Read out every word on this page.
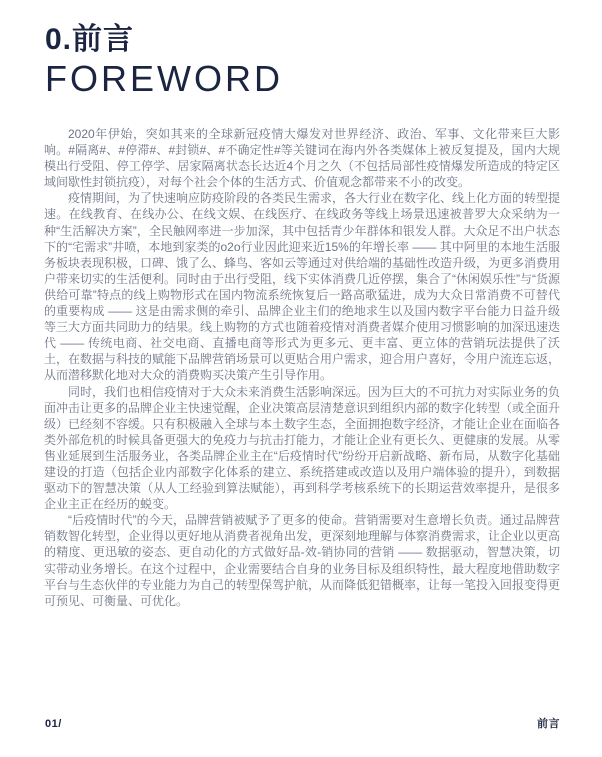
0.前言
FOREWORD

2020年伊始，突如其来的全球新冠疫情大爆发对世界经济、政治、军事、文化带来巨大影响。#隔离#、#停滞#、#封锁#、#不确定性#等关键词在海内外各类媒体上被反复提及，国内大规模出行受阻、停工停学、居家隔离状态长达近4个月之久（不包括局部性疫情爆发所造成的特定区域间歇性封锁抗疫），对每个社会个体的生活方式、价值观念都带来不小的改变。

疫情期间，为了快速响应防疫阶段的各类民生需求，各大行业在数字化、线上化方面的转型提速。在线教育、在线办公、在线文娱、在线医疗、在线政务等线上场景迅速被普罗大众采纳为一种“生活解决方案”，全民触网率进一步加深，其中包括青少年群体和银发人群。大众足不出户状态下的“宅需求”井喷，本地到家类的o2o行业因此迎来近15%的年增长率 —— 其中阿里的本地生活服务板块表现积极，口碑、饿了么、蜂鸟、客如云等通过对供给端的基础性改造升级，为更多消费用户带来切实的生活便利。同时由于出行受阻，线下实体消费几近停摆，集合了“休闲娱乐性”与“货源供给可靠”特点的线上购物形式在国内物流系统恢复后一路高歌猛进，成为大众日常消费不可替代的重要构成 —— 这是由需求侧的牵引、品牌企业主们的绝地求生以及国内数字平台能力日益升级等三大方面共同助力的结果。线上购物的方式也随着疫情对消费者媒介使用习惯影响的加深迅速迭代 —— 传统电商、社交电商、直播电商等形式为更多元、更丰富、更立体的营销玩法提供了沃土，在数据与科技的赋能下品牌营销场景可以更贴合用户需求，迎合用户喜好，令用户流连忘返，从而潜移默化地对大众的消费购买决策产生引导作用。

同时，我们也相信疫情对于大众未来消费生活影响深远。因为巨大的不可抗力对实际业务的负面冲击让更多的品牌企业主快速觉醒，企业决策高层清楚意识到组织内部的数字化转型（或全面升级）已经刻不容缓。只有积极融入全球与本土数字生态，全面拥抱数字经济，才能让企业在面临各类外部危机的时候具备更强大的免疫力与抗击打能力，才能让企业有更长久、更健康的发展。从零售业延展到生活服务业，各类品牌企业主在“后疫情时代”纷纷开启新战略、新布局，从数字化基础建设的打造（包括企业内部数字化体系的建立、系统搭建或改造以及用户端体验的提升），到数据驱动下的智慧决策（从人工经验到算法赋能），再到科学考核系统下的长期运营效率提升，是很多企业主正在经历的蜕变。

“后疫情时代”的今天，品牌营销被赋予了更多的使命。营销需要对生意增长负责。通过品牌营销数智化转型，企业得以更好地从消费者视角出发，更深刻地理解与体察消费需求，让企业以更高的精度、更迅敏的姿态、更自动化的方式做好品-效-销协同的营销 —— 数据驱动，智慧决策，切实带动业务增长。在这个过程中，企业需要结合自身的业务目标及组织特性，最大程度地借助数字平台与生态伙伴的专业能力为自己的转型保驾护航，从而降低犯错概率，让每一笔投入回报变得更可预见、可衡量、可优化。

01/	前言
